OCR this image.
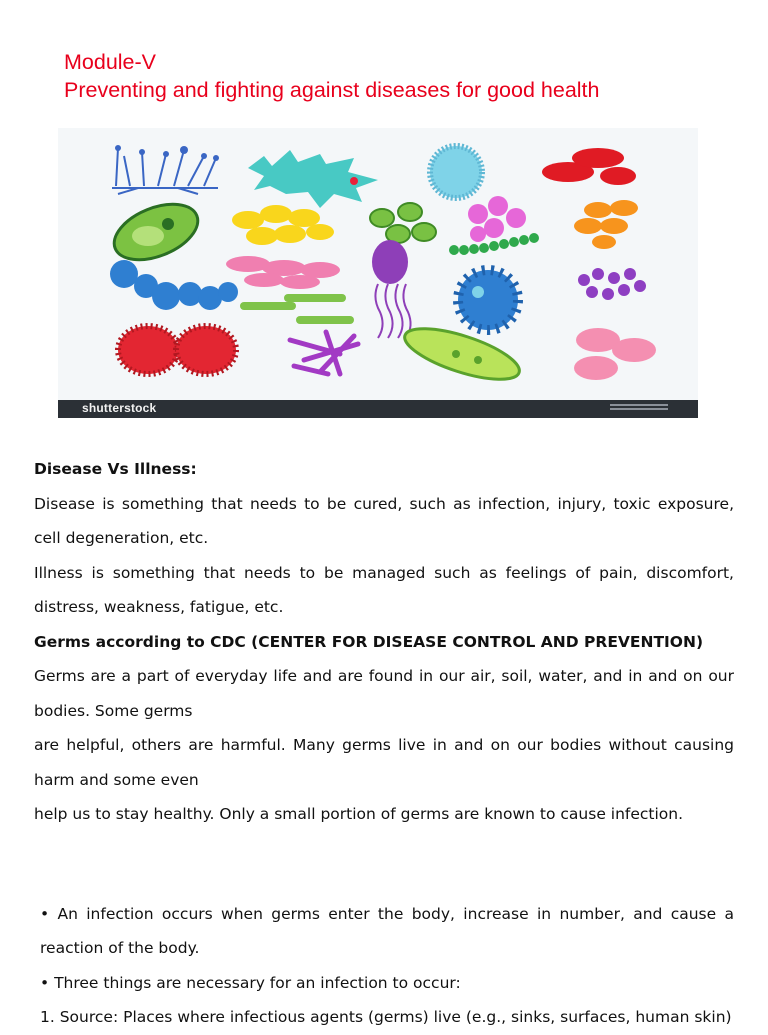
Module-V
Preventing and fighting against diseases for good health
shutterstock

Disease Vs Illness:

Disease is something that needs to be cured, such as infection, injury, toxic exposure, cell degeneration, etc.

Illness is something that needs to be managed such as feelings of pain, discomfort, distress, weakness, fatigue, etc.

Germs according to CDC (CENTER FOR DISEASE CONTROL AND PREVENTION)

Germs are a part of everyday life and are found in our air, soil, water, and in and on our bodies. Some germs

are helpful, others are harmful. Many germs live in and on our bodies without causing harm and some even

help us to stay healthy. Only a small portion of germs are known to cause infection.

• An infection occurs when germs enter the body, increase in number, and cause a reaction of the body.

• Three things are necessary for an infection to occur:

1. Source: Places where infectious agents (germs) live (e.g., sinks, surfaces, human skin)
